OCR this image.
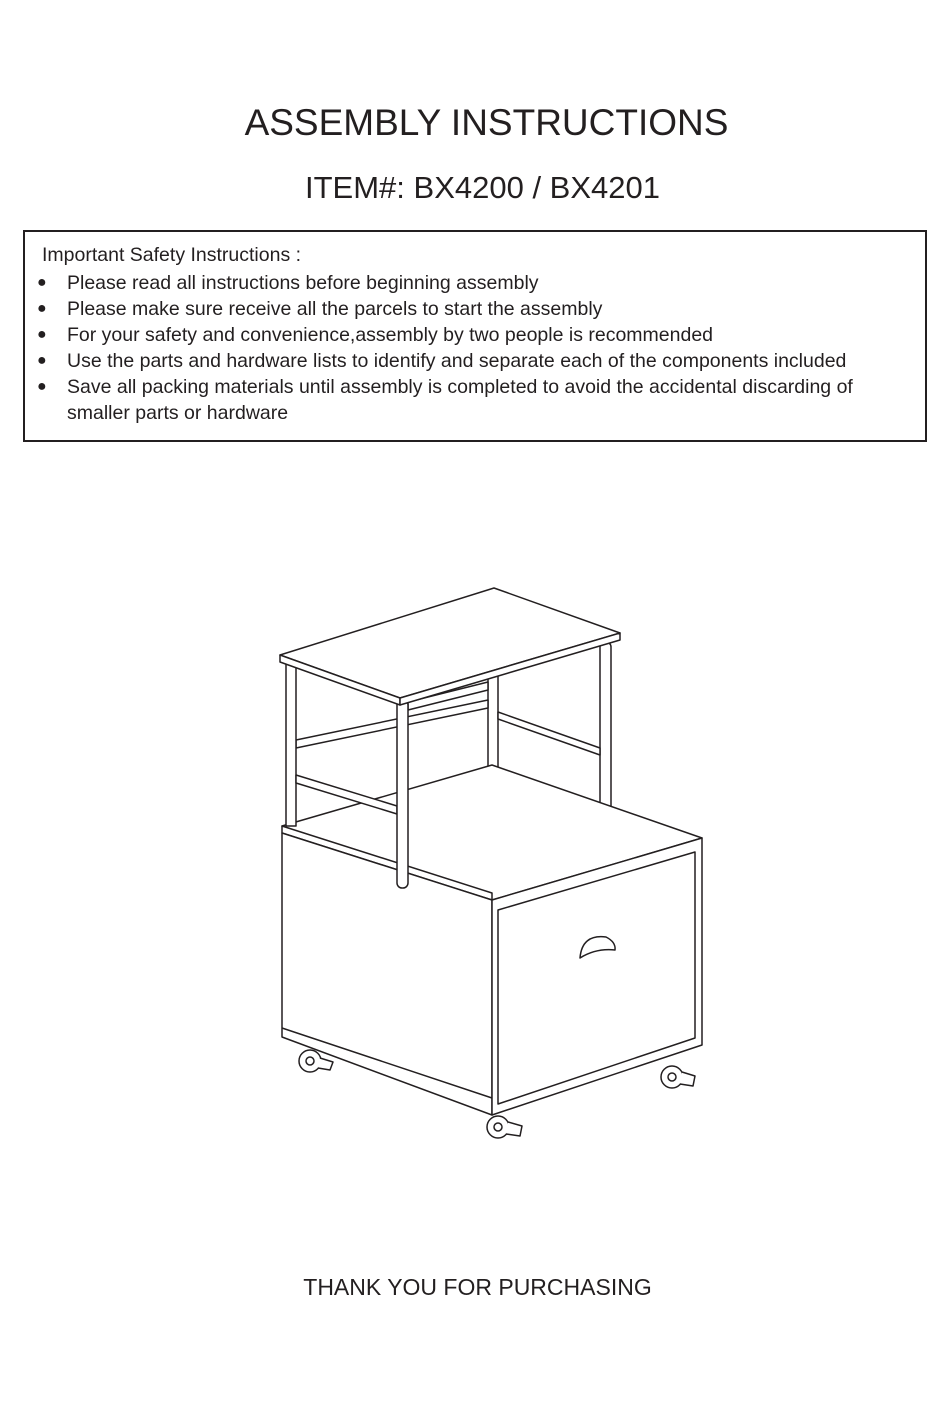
ASSEMBLY INSTRUCTIONS
ITEM#: BX4200 / BX4201
Important Safety Instructions :
● Please read all instructions before beginning assembly
● Please make sure receive all the parcels to start the assembly
● For your safety and convenience,assembly by two people is recommended
● Use the parts and hardware lists to identify and separate each of the components included
● Save all packing materials until assembly is completed to avoid the accidental discarding of smaller parts or hardware
THANK YOU FOR PURCHASING
